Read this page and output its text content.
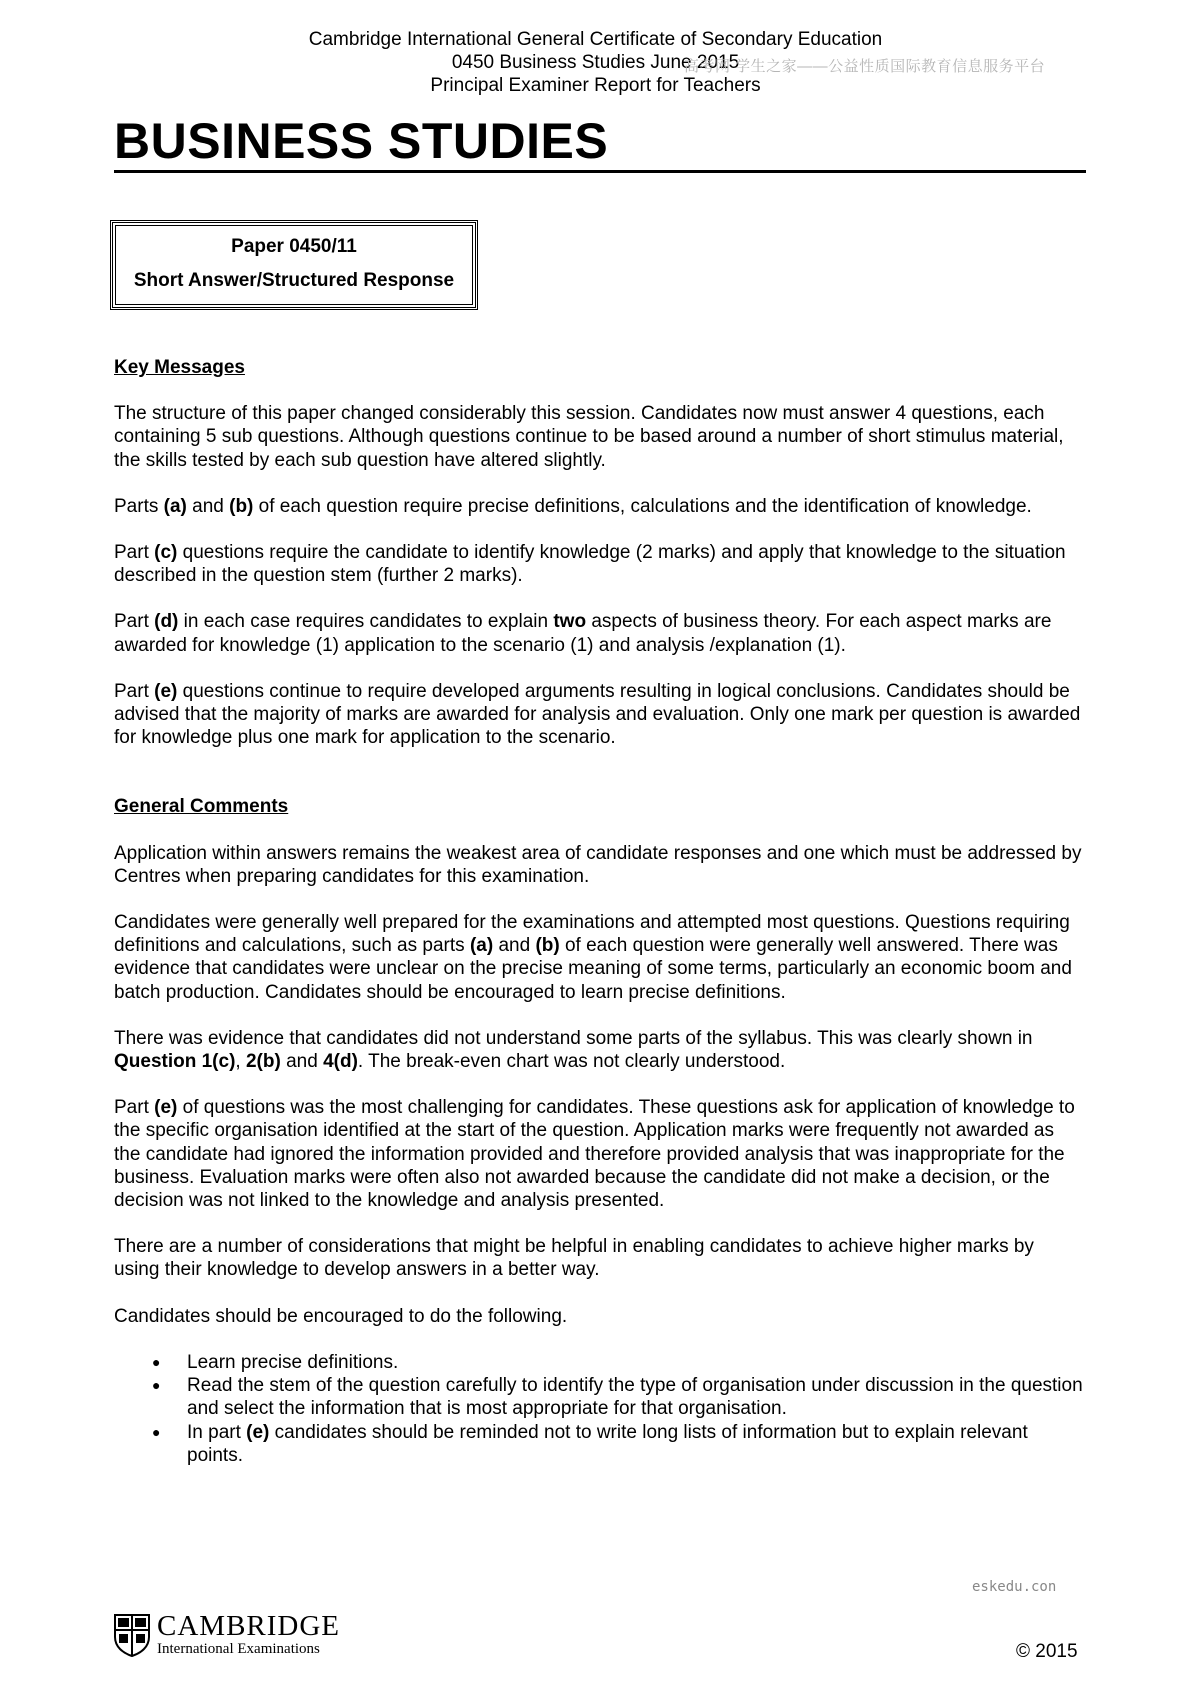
Cambridge International General Certificate of Secondary Education
0450 Business Studies June 2015
Principal Examiner Report for Teachers
高考网 学生之家——公益性质国际教育信息服务平台
BUSINESS STUDIES
Paper 0450/11
Short Answer/Structured Response
Key Messages

The structure of this paper changed considerably this session. Candidates now must answer 4 questions, each containing 5 sub questions. Although questions continue to be based around a number of short stimulus material, the skills tested by each sub question have altered slightly.

Parts (a) and (b) of each question require precise definitions, calculations and the identification of knowledge.

Part (c) questions require the candidate to identify knowledge (2 marks) and apply that knowledge to the situation described in the question stem (further 2 marks).

Part (d) in each case requires candidates to explain two aspects of business theory. For each aspect marks are awarded for knowledge (1) application to the scenario (1) and analysis /explanation (1).

Part (e) questions continue to require developed arguments resulting in logical conclusions. Candidates should be advised that the majority of marks are awarded for analysis and evaluation. Only one mark per question is awarded for knowledge plus one mark for application to the scenario.

General Comments

Application within answers remains the weakest area of candidate responses and one which must be addressed by Centres when preparing candidates for this examination.

Candidates were generally well prepared for the examinations and attempted most questions. Questions requiring definitions and calculations, such as parts (a) and (b) of each question were generally well answered. There was evidence that candidates were unclear on the precise meaning of some terms, particularly an economic boom and batch production. Candidates should be encouraged to learn precise definitions.

There was evidence that candidates did not understand some parts of the syllabus. This was clearly shown in Question 1(c), 2(b) and 4(d). The break-even chart was not clearly understood.

Part (e) of questions was the most challenging for candidates. These questions ask for application of knowledge to the specific organisation identified at the start of the question. Application marks were frequently not awarded as the candidate had ignored the information provided and therefore provided analysis that was inappropriate for the business. Evaluation marks were often also not awarded because the candidate did not make a decision, or the decision was not linked to the knowledge and analysis presented.

There are a number of considerations that might be helpful in enabling candidates to achieve higher marks by using their knowledge to develop answers in a better way.

Candidates should be encouraged to do the following.

● Learn precise definitions.
● Read the stem of the question carefully to identify the type of organisation under discussion in the question and select the information that is most appropriate for that organisation.
● In part (e) candidates should be reminded not to write long lists of information but to explain relevant points.
eskedu.con
CAMBRIDGE
International Examinations	© 2015
